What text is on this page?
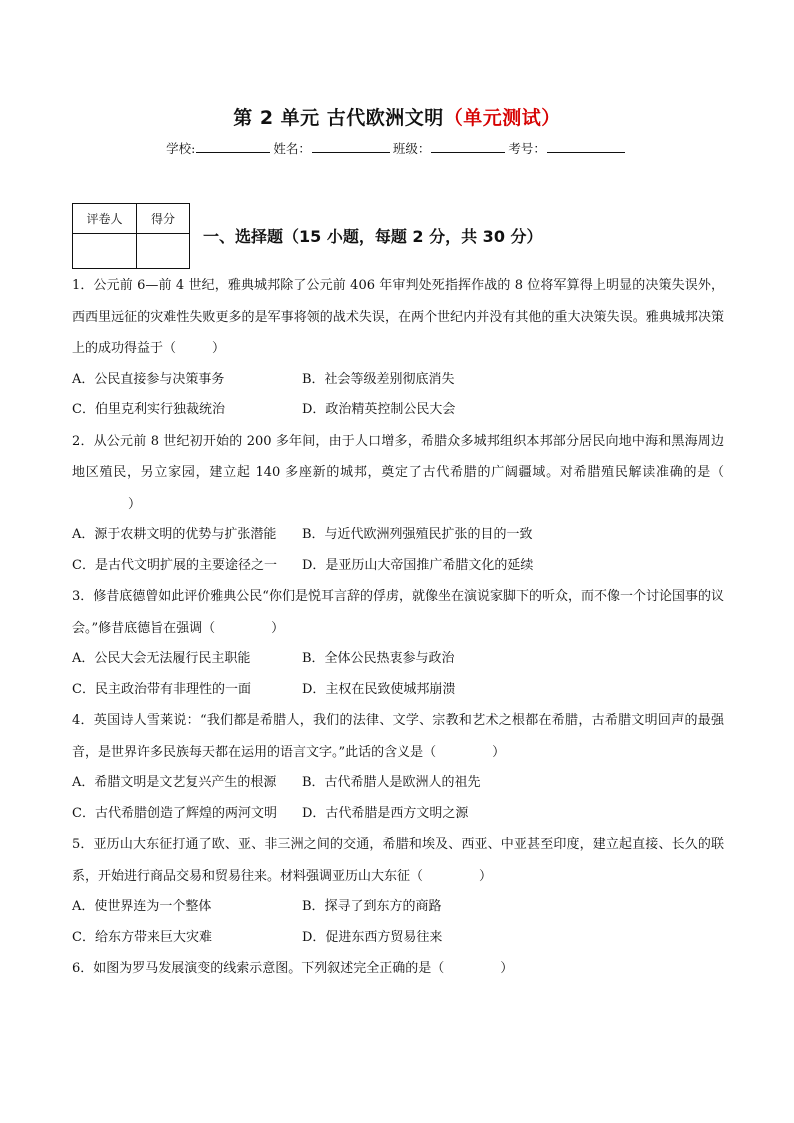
第 2 单元 古代欧洲文明（单元测试）
学校:	姓名：	班级：	考号：
评卷人	得分

一、选择题（15 小题，每题 2 分，共 30 分）
1．公元前 6—前 4 世纪，雅典城邦除了公元前 406 年审判处死指挥作战的 8 位将军算得上明显的决策失误外，西西里远征的灾难性失败更多的是军事将领的战术失误，在两个世纪内并没有其他的重大决策失误。雅典城邦决策上的成功得益于（	）
A．公民直接参与决策事务	B．社会等级差别彻底消失
C．伯里克利实行独裁统治	D．政治精英控制公民大会
2．从公元前 8 世纪初开始的 200 多年间，由于人口增多，希腊众多城邦组织本邦部分居民向地中海和黑海周边地区殖民，另立家园，建立起 140 多座新的城邦，奠定了古代希腊的广阔疆域。对希腊殖民解读准确的是（）
A．源于农耕文明的优势与扩张潜能	B．与近代欧洲列强殖民扩张的目的一致
C．是古代文明扩展的主要途径之一	D．是亚历山大帝国推广希腊文化的延续
3．修昔底德曾如此评价雅典公民“你们是悦耳言辞的俘虏，就像坐在演说家脚下的听众，而不像一个讨论国事的议会。”修昔底德旨在强调（	）
A．公民大会无法履行民主职能	B．全体公民热衷参与政治
C．民主政治带有非理性的一面	D．主权在民致使城邦崩溃
4．英国诗人雪莱说：“我们都是希腊人，我们的法律、文学、宗教和艺术之根都在希腊，古希腊文明回声的最强音，是世界许多民族每天都在运用的语言文字。”此话的含义是（	）
A．希腊文明是文艺复兴产生的根源	B．古代希腊人是欧洲人的祖先
C．古代希腊创造了辉煌的两河文明	D．古代希腊是西方文明之源
5．亚历山大东征打通了欧、亚、非三洲之间的交通，希腊和埃及、西亚、中亚甚至印度，建立起直接、长久的联系，开始进行商品交易和贸易往来。材料强调亚历山大东征（	）
A．使世界连为一个整体	B．探寻了到东方的商路
C．给东方带来巨大灾难	D．促进东西方贸易往来
6．如图为罗马发展演变的线索示意图。下列叙述完全正确的是（	）
